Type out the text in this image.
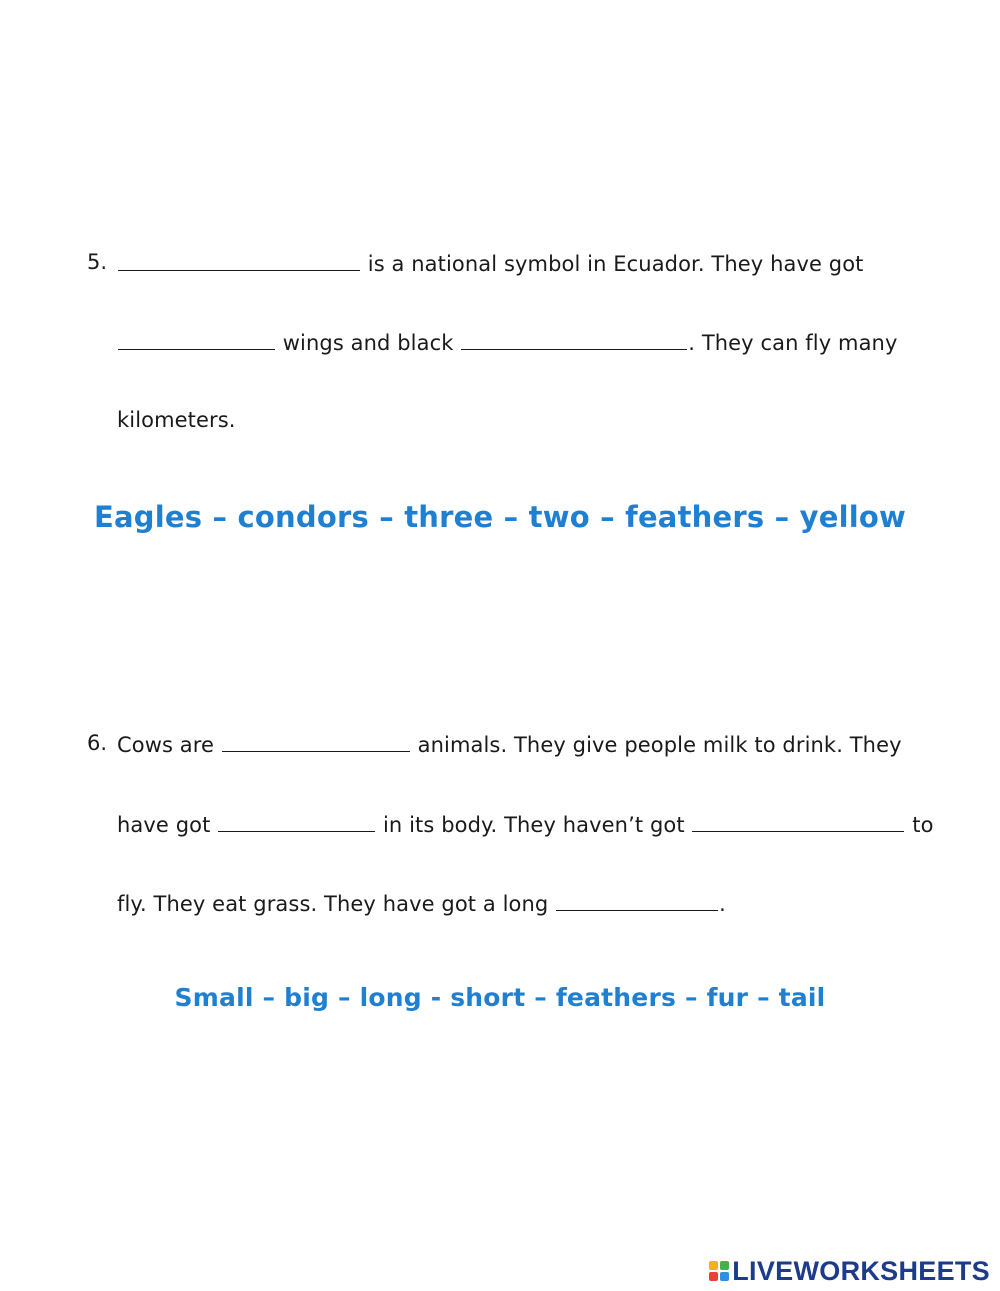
5.	is a national symbol in Ecuador. They have got
wings and black	. They can fly many
kilometers.
Eagles – condors – three – two – feathers – yellow
6. Cows are	animals. They give people milk to drink. They
have got	in its body. They haven’t got	to
fly. They eat grass. They have got a long	.
Small – big – long - short – feathers – fur – tail
LIVEWORKSHEETS
